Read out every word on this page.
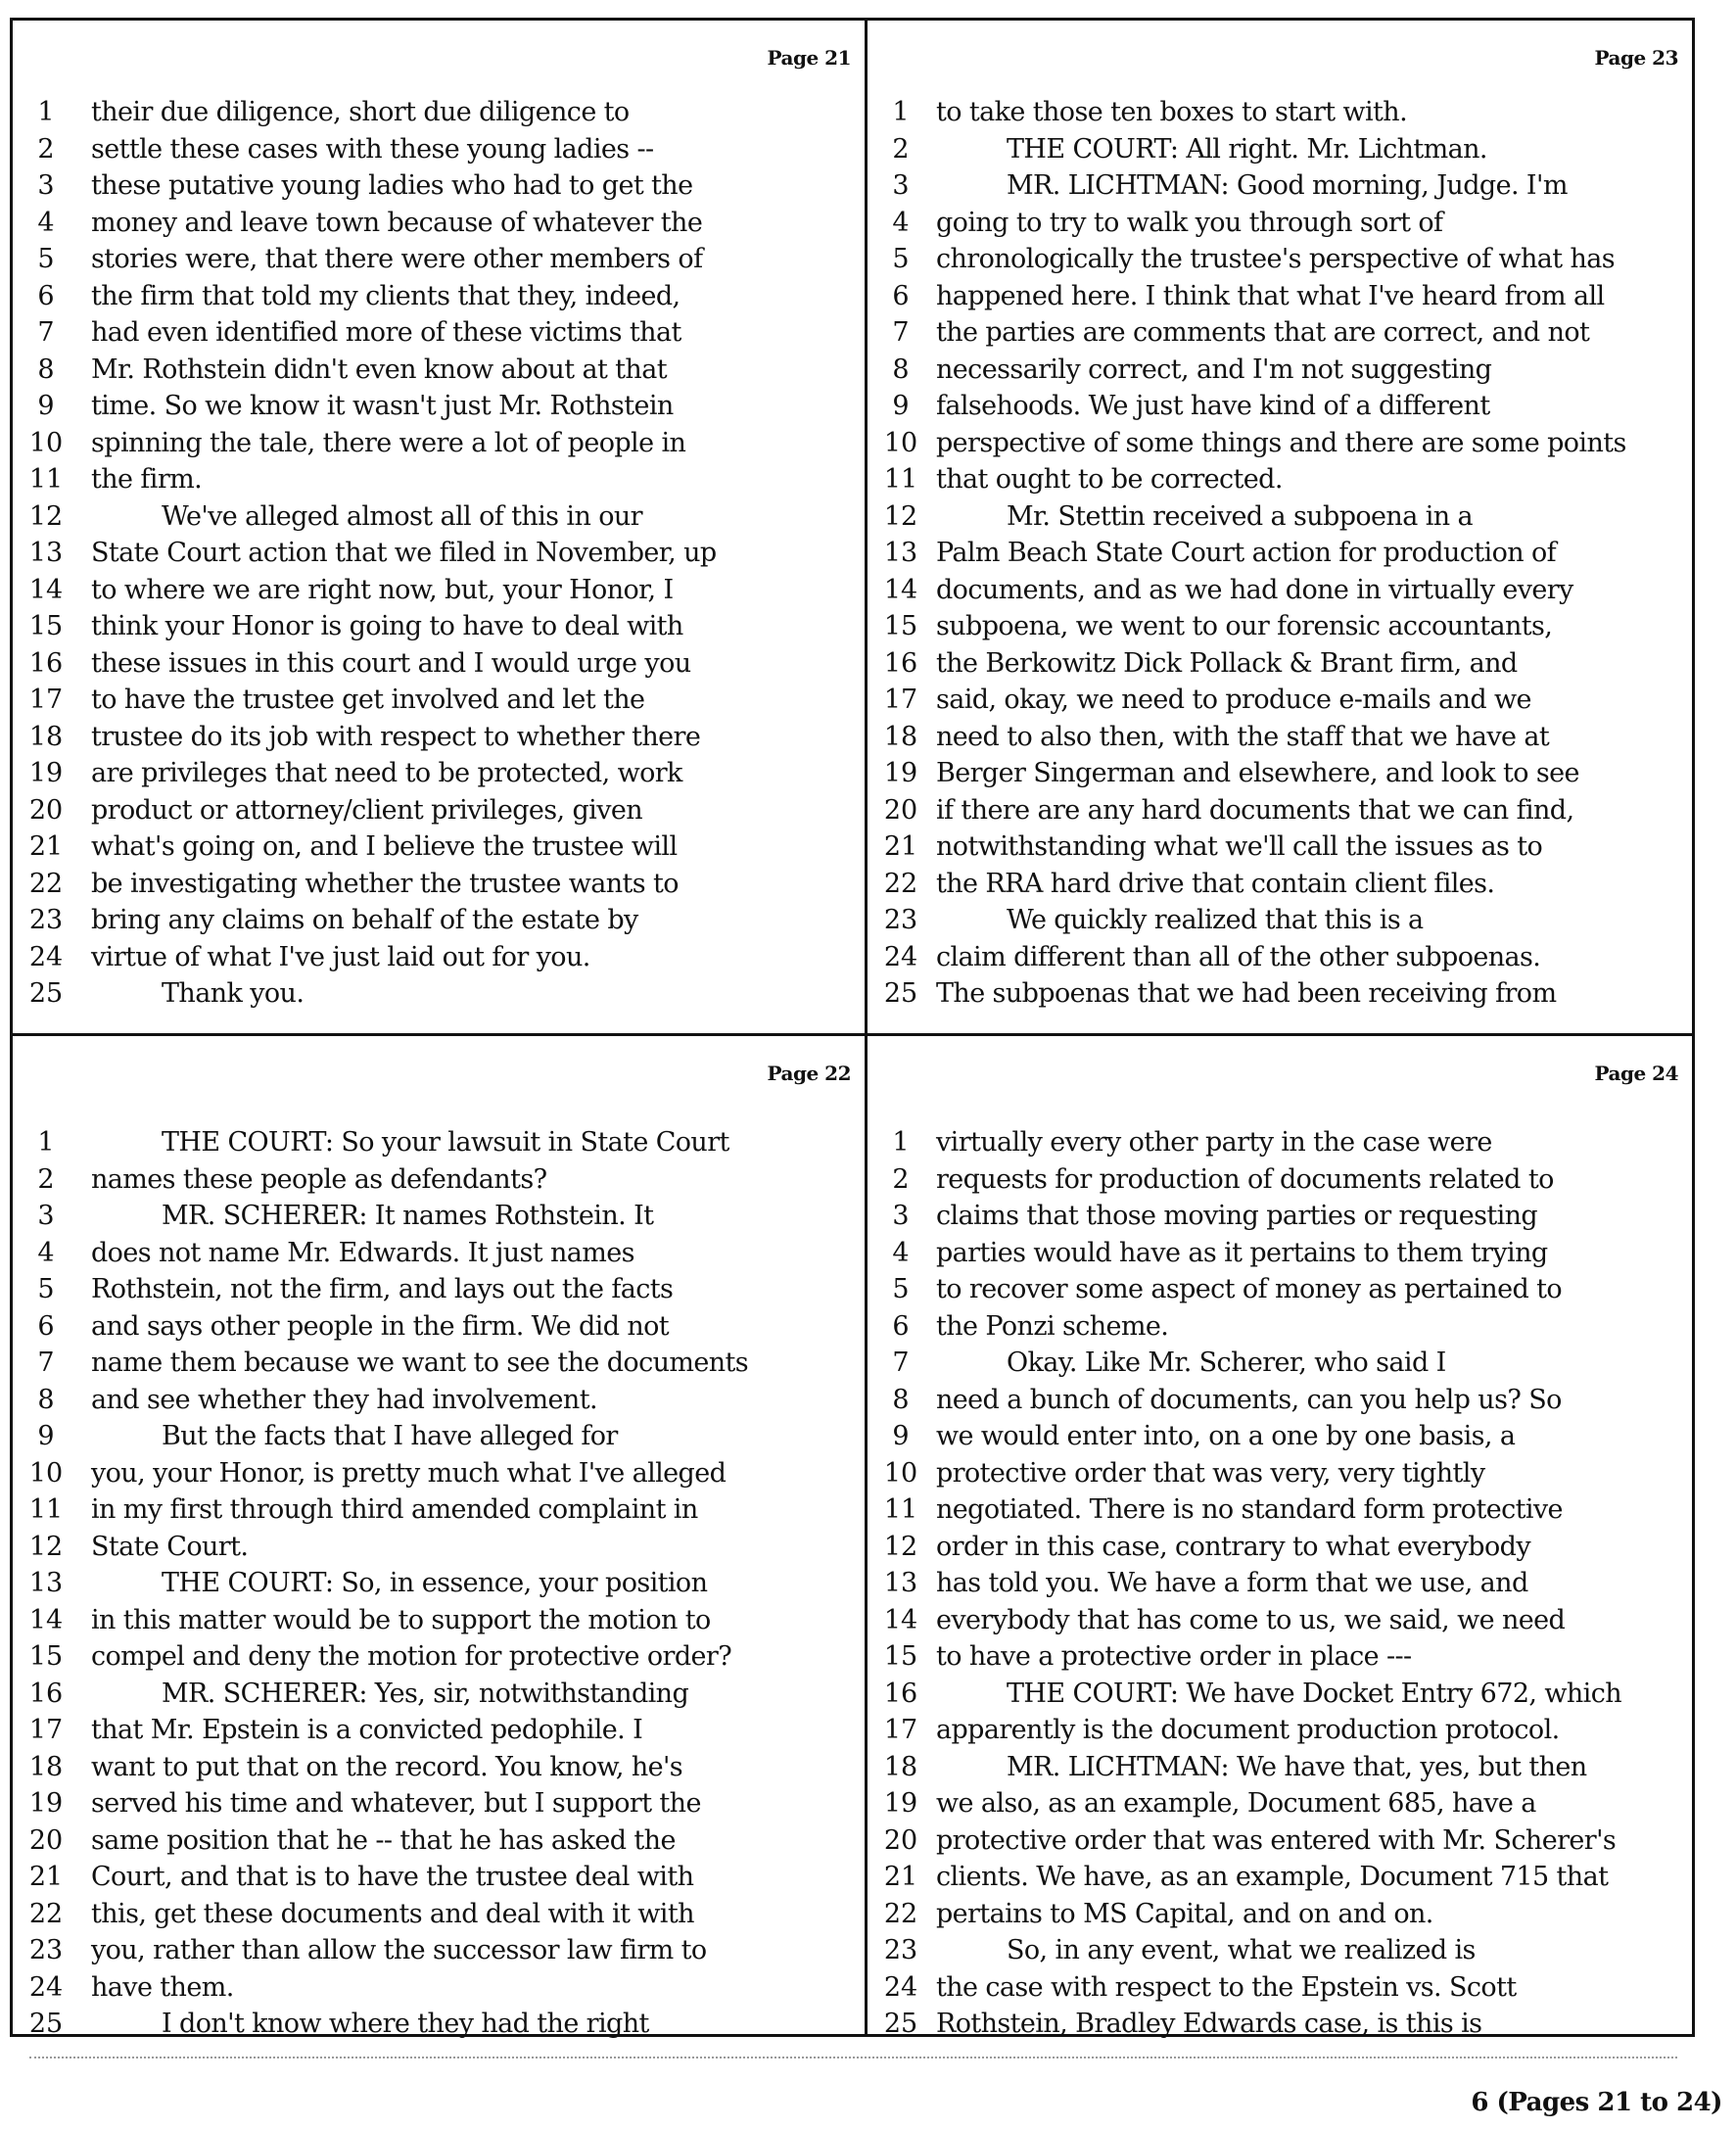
Page 21
1	their due diligence, short due diligence to
2	settle these cases with these young ladies --
3	these putative young ladies who had to get the
4	money and leave town because of whatever the
5	stories were, that there were other members of
6	the firm that told my clients that they, indeed,
7	had even identified more of these victims that
8	Mr. Rothstein didn't even know about at that
9	time. So we know it wasn't just Mr. Rothstein
10 spinning the tale, there were a lot of people in
11 the firm.
12	We've alleged almost all of this in our
13 State Court action that we filed in November, up
14 to where we are right now, but, your Honor, I
15 think your Honor is going to have to deal with
16 these issues in this court and I would urge you
17 to have the trustee get involved and let the
18 trustee do its job with respect to whether there
19 are privileges that need to be protected, work
20 product or attorney/client privileges, given
21 what's going on, and I believe the trustee will
22 be investigating whether the trustee wants to
23 bring any claims on behalf of the estate by
24 virtue of what I've just laid out for you.
25	Thank you.
Page 23
1	to take those ten boxes to start with.
2	THE COURT: All right. Mr. Lichtman.
3	MR. LICHTMAN: Good morning, Judge. I'm
4	going to try to walk you through sort of
5	chronologically the trustee's perspective of what has
6	happened here. I think that what I've heard from all
7	the parties are comments that are correct, and not
8	necessarily correct, and I'm not suggesting
9	falsehoods. We just have kind of a different
10 perspective of some things and there are some points
11 that ought to be corrected.
12	Mr. Stettin received a subpoena in a
13 Palm Beach State Court action for production of
14 documents, and as we had done in virtually every
15 subpoena, we went to our forensic accountants,
16 the Berkowitz Dick Pollack & Brant firm, and
17 said, okay, we need to produce e-mails and we
18 need to also then, with the staff that we have at
19 Berger Singerman and elsewhere, and look to see
20 if there are any hard documents that we can find,
21 notwithstanding what we'll call the issues as to
22 the RRA hard drive that contain client files.
23	We quickly realized that this is a
24 claim different than all of the other subpoenas.
25 The subpoenas that we had been receiving from
Page 22
1	THE COURT: So your lawsuit in State Court
2	names these people as defendants?
3	MR. SCHERER: It names Rothstein. It
4	does not name Mr. Edwards. It just names
5	Rothstein, not the firm, and lays out the facts
6	and says other people in the firm. We did not
7	name them because we want to see the documents
8	and see whether they had involvement.
9	But the facts that I have alleged for
10 you, your Honor, is pretty much what I've alleged
11 in my first through third amended complaint in
12 State Court.
13	THE COURT: So, in essence, your position
14 in this matter would be to support the motion to
15 compel and deny the motion for protective order?
16	MR. SCHERER: Yes, sir, notwithstanding
17 that Mr. Epstein is a convicted pedophile. I
18 want to put that on the record. You know, he's
19 served his time and whatever, but I support the
20 same position that he -- that he has asked the
21 Court, and that is to have the trustee deal with
22 this, get these documents and deal with it with
23 you, rather than allow the successor law firm to
24 have them.
25	I don't know where they had the right
Page 24
1	virtually every other party in the case were
2	requests for production of documents related to
3	claims that those moving parties or requesting
4	parties would have as it pertains to them trying
5	to recover some aspect of money as pertained to
6	the Ponzi scheme.
7	Okay. Like Mr. Scherer, who said I
8	need a bunch of documents, can you help us? So
9	we would enter into, on a one by one basis, a
10 protective order that was very, very tightly
11 negotiated. There is no standard form protective
12 order in this case, contrary to what everybody
13 has told you. We have a form that we use, and
14 everybody that has come to us, we said, we need
15 to have a protective order in place ---
16	THE COURT: We have Docket Entry 672, which
17 apparently is the document production protocol.
18	MR. LICHTMAN: We have that, yes, but then
19 we also, as an example, Document 685, have a
20 protective order that was entered with Mr. Scherer's
21 clients. We have, as an example, Document 715 that
22 pertains to MS Capital, and on and on.
23	So, in any event, what we realized is
24 the case with respect to the Epstein vs. Scott
25 Rothstein, Bradley Edwards case, is this is
6 (Pages 21 to 24)
